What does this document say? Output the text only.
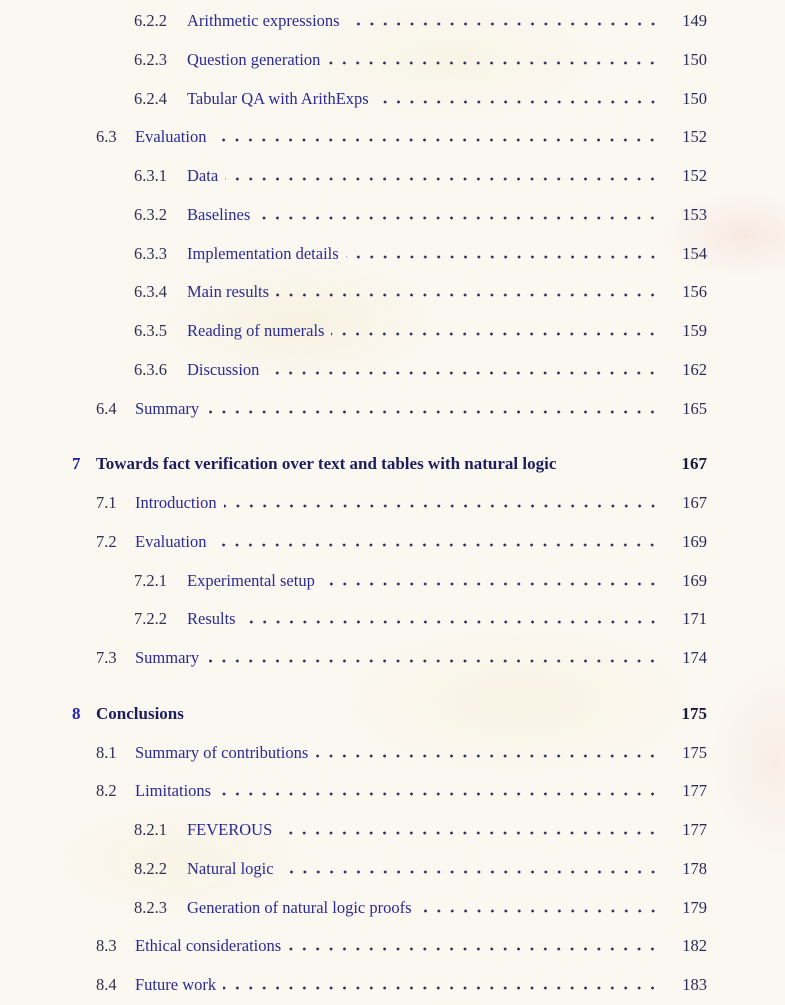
6.2.2	Arithmetic expressions	149
6.2.3	Question generation	150
6.2.4	Tabular QA with ArithExps	150
6.3	Evaluation	152
6.3.1	Data	152
6.3.2	Baselines	153
6.3.3	Implementation details	154
6.3.4	Main results	156
6.3.5	Reading of numerals	159
6.3.6	Discussion	162
6.4	Summary	165
7 Towards fact verification over text and tables with natural logic	167
7.1	Introduction	167
7.2	Evaluation	169
7.2.1	Experimental setup	169
7.2.2	Results	171
7.3	Summary	174
8 Conclusions	175
8.1	Summary of contributions	175
8.2	Limitations	177
8.2.1	FEVEROUS	177
8.2.2	Natural logic	178
8.2.3	Generation of natural logic proofs	179
8.3	Ethical considerations	182
8.4	Future work	183
